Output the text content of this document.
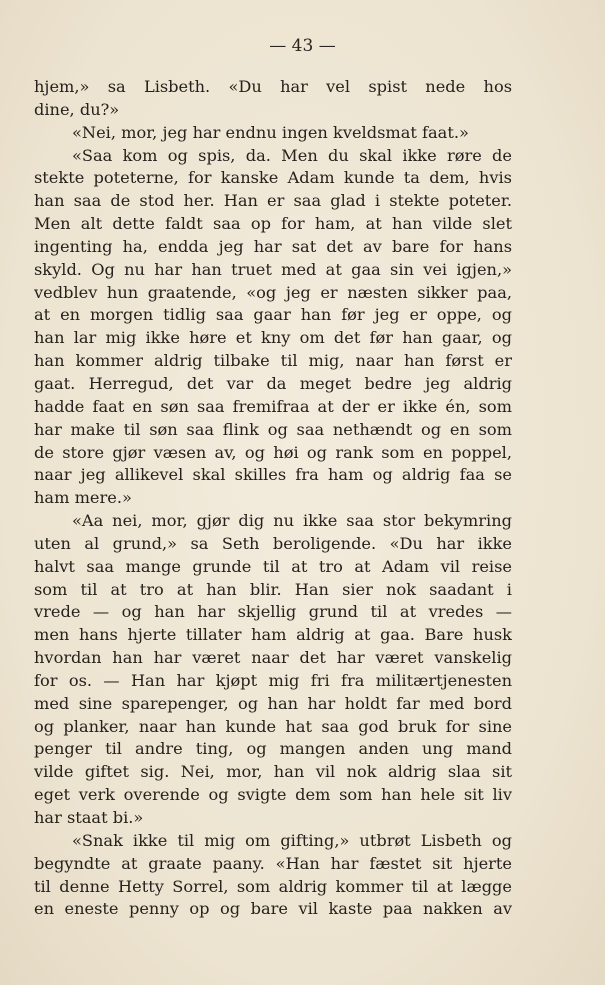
— 43 —
hjem,» sa Lisbeth. «Du har vel spist nede hos
dine, du?»
«Nei, mor, jeg har endnu ingen kveldsmat faat.»
«Saa kom og spis, da. Men du skal ikke røre de
stekte poteterne, for kanske Adam kunde ta dem, hvis
han saa de stod her. Han er saa glad i stekte poteter.
Men alt dette faldt saa op for ham, at han vilde slet
ingenting ha, endda jeg har sat det av bare for hans
skyld. Og nu har han truet med at gaa sin vei igjen,»
vedblev hun graatende, «og jeg er næsten sikker paa,
at en morgen tidlig saa gaar han før jeg er oppe, og
han lar mig ikke høre et kny om det før han gaar, og
han kommer aldrig tilbake til mig, naar han først er
gaat. Herregud, det var da meget bedre jeg aldrig
hadde faat en søn saa fremifraa at der er ikke én, som
har make til søn saa flink og saa nethændt og en som
de store gjør væsen av, og høi og rank som en poppel,
naar jeg allikevel skal skilles fra ham og aldrig faa se
ham mere.»
«Aa nei, mor, gjør dig nu ikke saa stor bekymring
uten al grund,» sa Seth beroligende. «Du har ikke
halvt saa mange grunde til at tro at Adam vil reise
som til at tro at han blir. Han sier nok saadant i
vrede — og han har skjellig grund til at vredes —
men hans hjerte tillater ham aldrig at gaa. Bare husk
hvordan han har været naar det har været vanskelig
for os. — Han har kjøpt mig fri fra militærtjenesten
med sine sparepenger, og han har holdt far med bord
og planker, naar han kunde hat saa god bruk for sine
penger til andre ting, og mangen anden ung mand
vilde giftet sig. Nei, mor, han vil nok aldrig slaa sit
eget verk overende og svigte dem som han hele sit liv
har staat bi.»
«Snak ikke til mig om gifting,» utbrøt Lisbeth og
begyndte at graate paany. «Han har fæstet sit hjerte
til denne Hetty Sorrel, som aldrig kommer til at lægge
en eneste penny op og bare vil kaste paa nakken av
